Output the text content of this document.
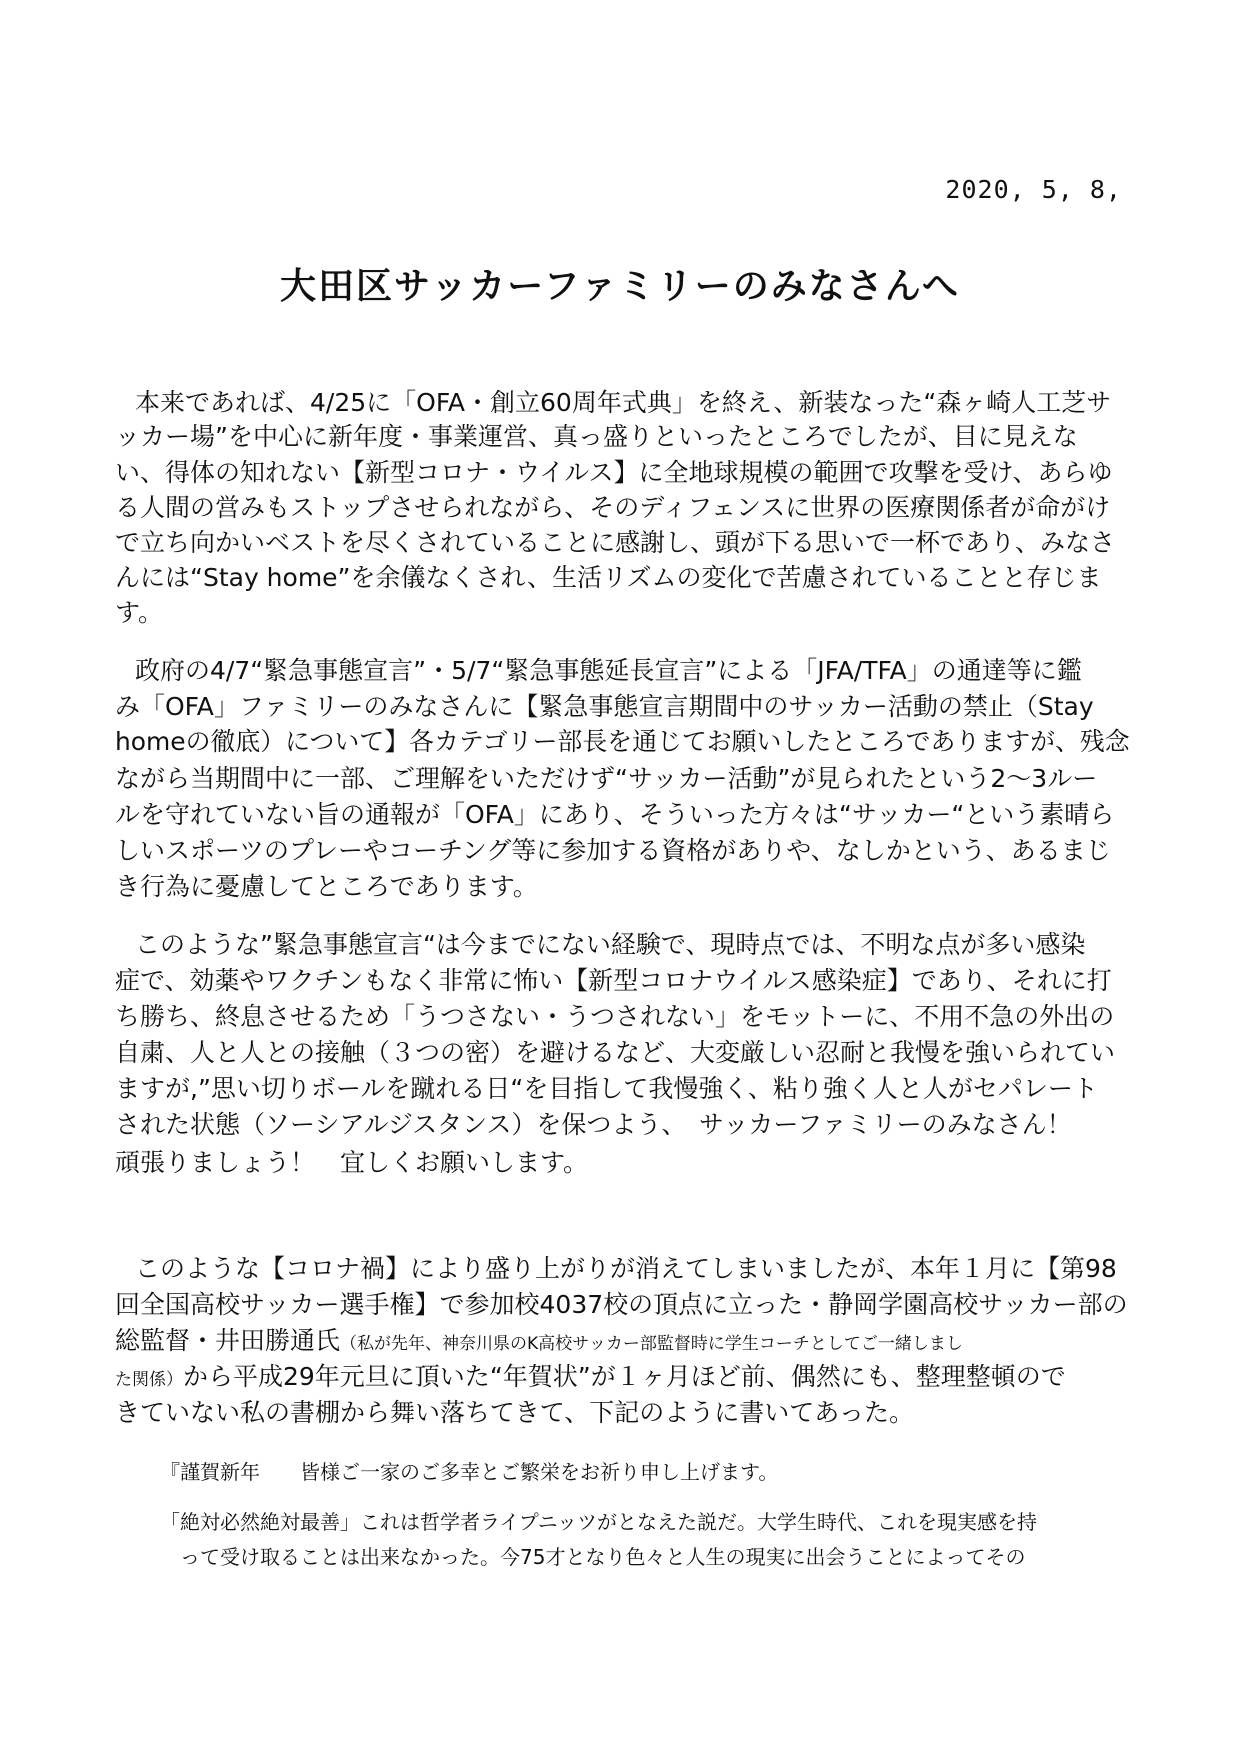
2020, 5, 8,
大田区サッカーファミリーのみなさんへ
本来であれば、4/25に「OFA・創立60周年式典」を終え、新装なった“森ヶ崎人工芝サ
ッカー場”を中心に新年度・事業運営、真っ盛りといったところでしたが、目に見えな
い、得体の知れない【新型コロナ・ウイルス】に全地球規模の範囲で攻撃を受け、あらゆ
る人間の営みもストップさせられながら、そのディフェンスに世界の医療関係者が命がけ
で立ち向かいベストを尽くされていることに感謝し、頭が下る思いで一杯であり、みなさ
んには“Stay home”を余儀なくされ、生活リズムの変化で苦慮されていることと存じま
す。
政府の4/7“緊急事態宣言”・5/7“緊急事態延長宣言”による「JFA/TFA」の通達等に鑑
み「OFA」ファミリーのみなさんに【緊急事態宣言期間中のサッカー活動の禁止（Stay
homeの徹底）について】各カテゴリー部長を通じてお願いしたところでありますが、残念
ながら当期間中に一部、ご理解をいただけず“サッカー活動”が見られたという2～3ルー
ルを守れていない旨の通報が「OFA」にあり、そういった方々は“サッカー“という素晴ら
しいスポーツのプレーやコーチング等に参加する資格がありや、なしかという、あるまじ
き行為に憂慮してところであります。
このような”緊急事態宣言“は今までにない経験で、現時点では、不明な点が多い感染
症で、効薬やワクチンもなく非常に怖い【新型コロナウイルス感染症】であり、それに打
ち勝ち、終息させるため「うつさない・うつされない」をモットーに、不用不急の外出の
自粛、人と人との接触（３つの密）を避けるなど、大変厳しい忍耐と我慢を強いられてい
ますが,”思い切りボールを蹴れる日“を目指して我慢強く、粘り強く人と人がセパレート
された状態（ソーシアルジスタンス）を保つよう、　サッカーファミリーのみなさん！
頑張りましょう！　宜しくお願いします。
このような【コロナ禍】により盛り上がりが消えてしまいましたが、本年１月に【第98
回全国高校サッカー選手権】で参加校4037校の頂点に立った・静岡学園高校サッカー部の
総監督・井田勝通氏（私が先年、神奈川県のK高校サッカー部監督時に学生コーチとしてご一緒しまし
た関係）から平成29年元旦に頂いた“年賀状”が１ヶ月ほど前、偶然にも、整理整頓ので
きていない私の書棚から舞い落ちてきて、下記のように書いてあった。
『謹賀新年　　皆様ご一家のご多幸とご繁栄をお祈り申し上げます。
「絶対必然絶対最善」これは哲学者ライプニッツがとなえた説だ。大学生時代、これを現実感を持
って受け取ることは出来なかった。今75才となり色々と人生の現実に出会うことによってその
